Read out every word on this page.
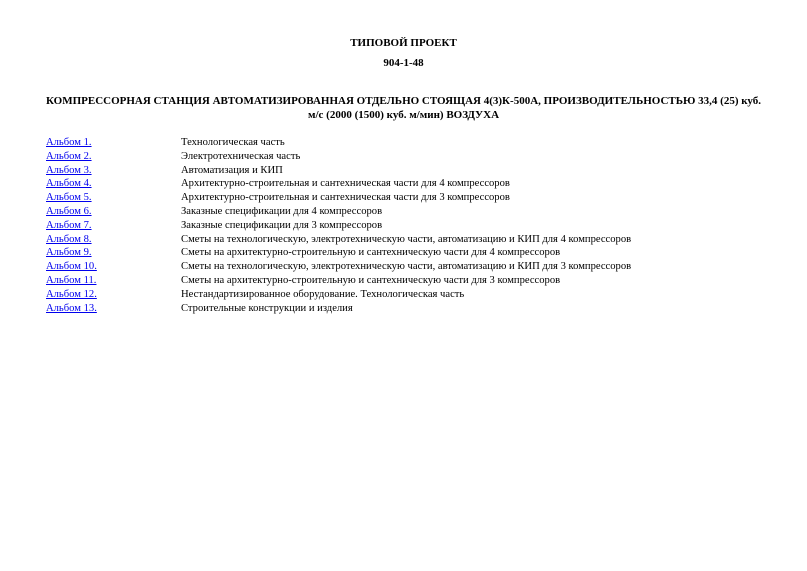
ТИПОВОЙ ПРОЕКТ
904-1-48
КОМПРЕССОРНАЯ СТАНЦИЯ АВТОМАТИЗИРОВАННАЯ ОТДЕЛЬНО СТОЯЩАЯ 4(3)К-500А, ПРОИЗВОДИТЕЛЬНОСТЬЮ 33,4 (25) куб. м/с (2000 (1500) куб. м/мин) ВОЗДУХА
Альбом 1.	Технологическая часть
Альбом 2.	Электротехническая часть
Альбом 3.	Автоматизация и КИП
Альбом 4.	Архитектурно-строительная и сантехническая части для 4 компрессоров
Альбом 5.	Архитектурно-строительная и сантехническая части для 3 компрессоров
Альбом 6.	Заказные спецификации для 4 компрессоров
Альбом 7.	Заказные спецификации для 3 компрессоров
Альбом 8.	Сметы на технологическую, электротехническую части, автоматизацию и КИП для 4 компрессоров
Альбом 9.	Сметы на архитектурно-строительную и сантехническую части для 4 компрессоров
Альбом 10.	Сметы на технологическую, электротехническую части, автоматизацию и КИП для 3 компрессоров
Альбом 11.	Сметы на архитектурно-строительную и сантехническую части для 3 компрессоров
Альбом 12.	Нестандартизированное оборудование. Технологическая часть
Альбом 13.	Строительные конструкции и изделия
